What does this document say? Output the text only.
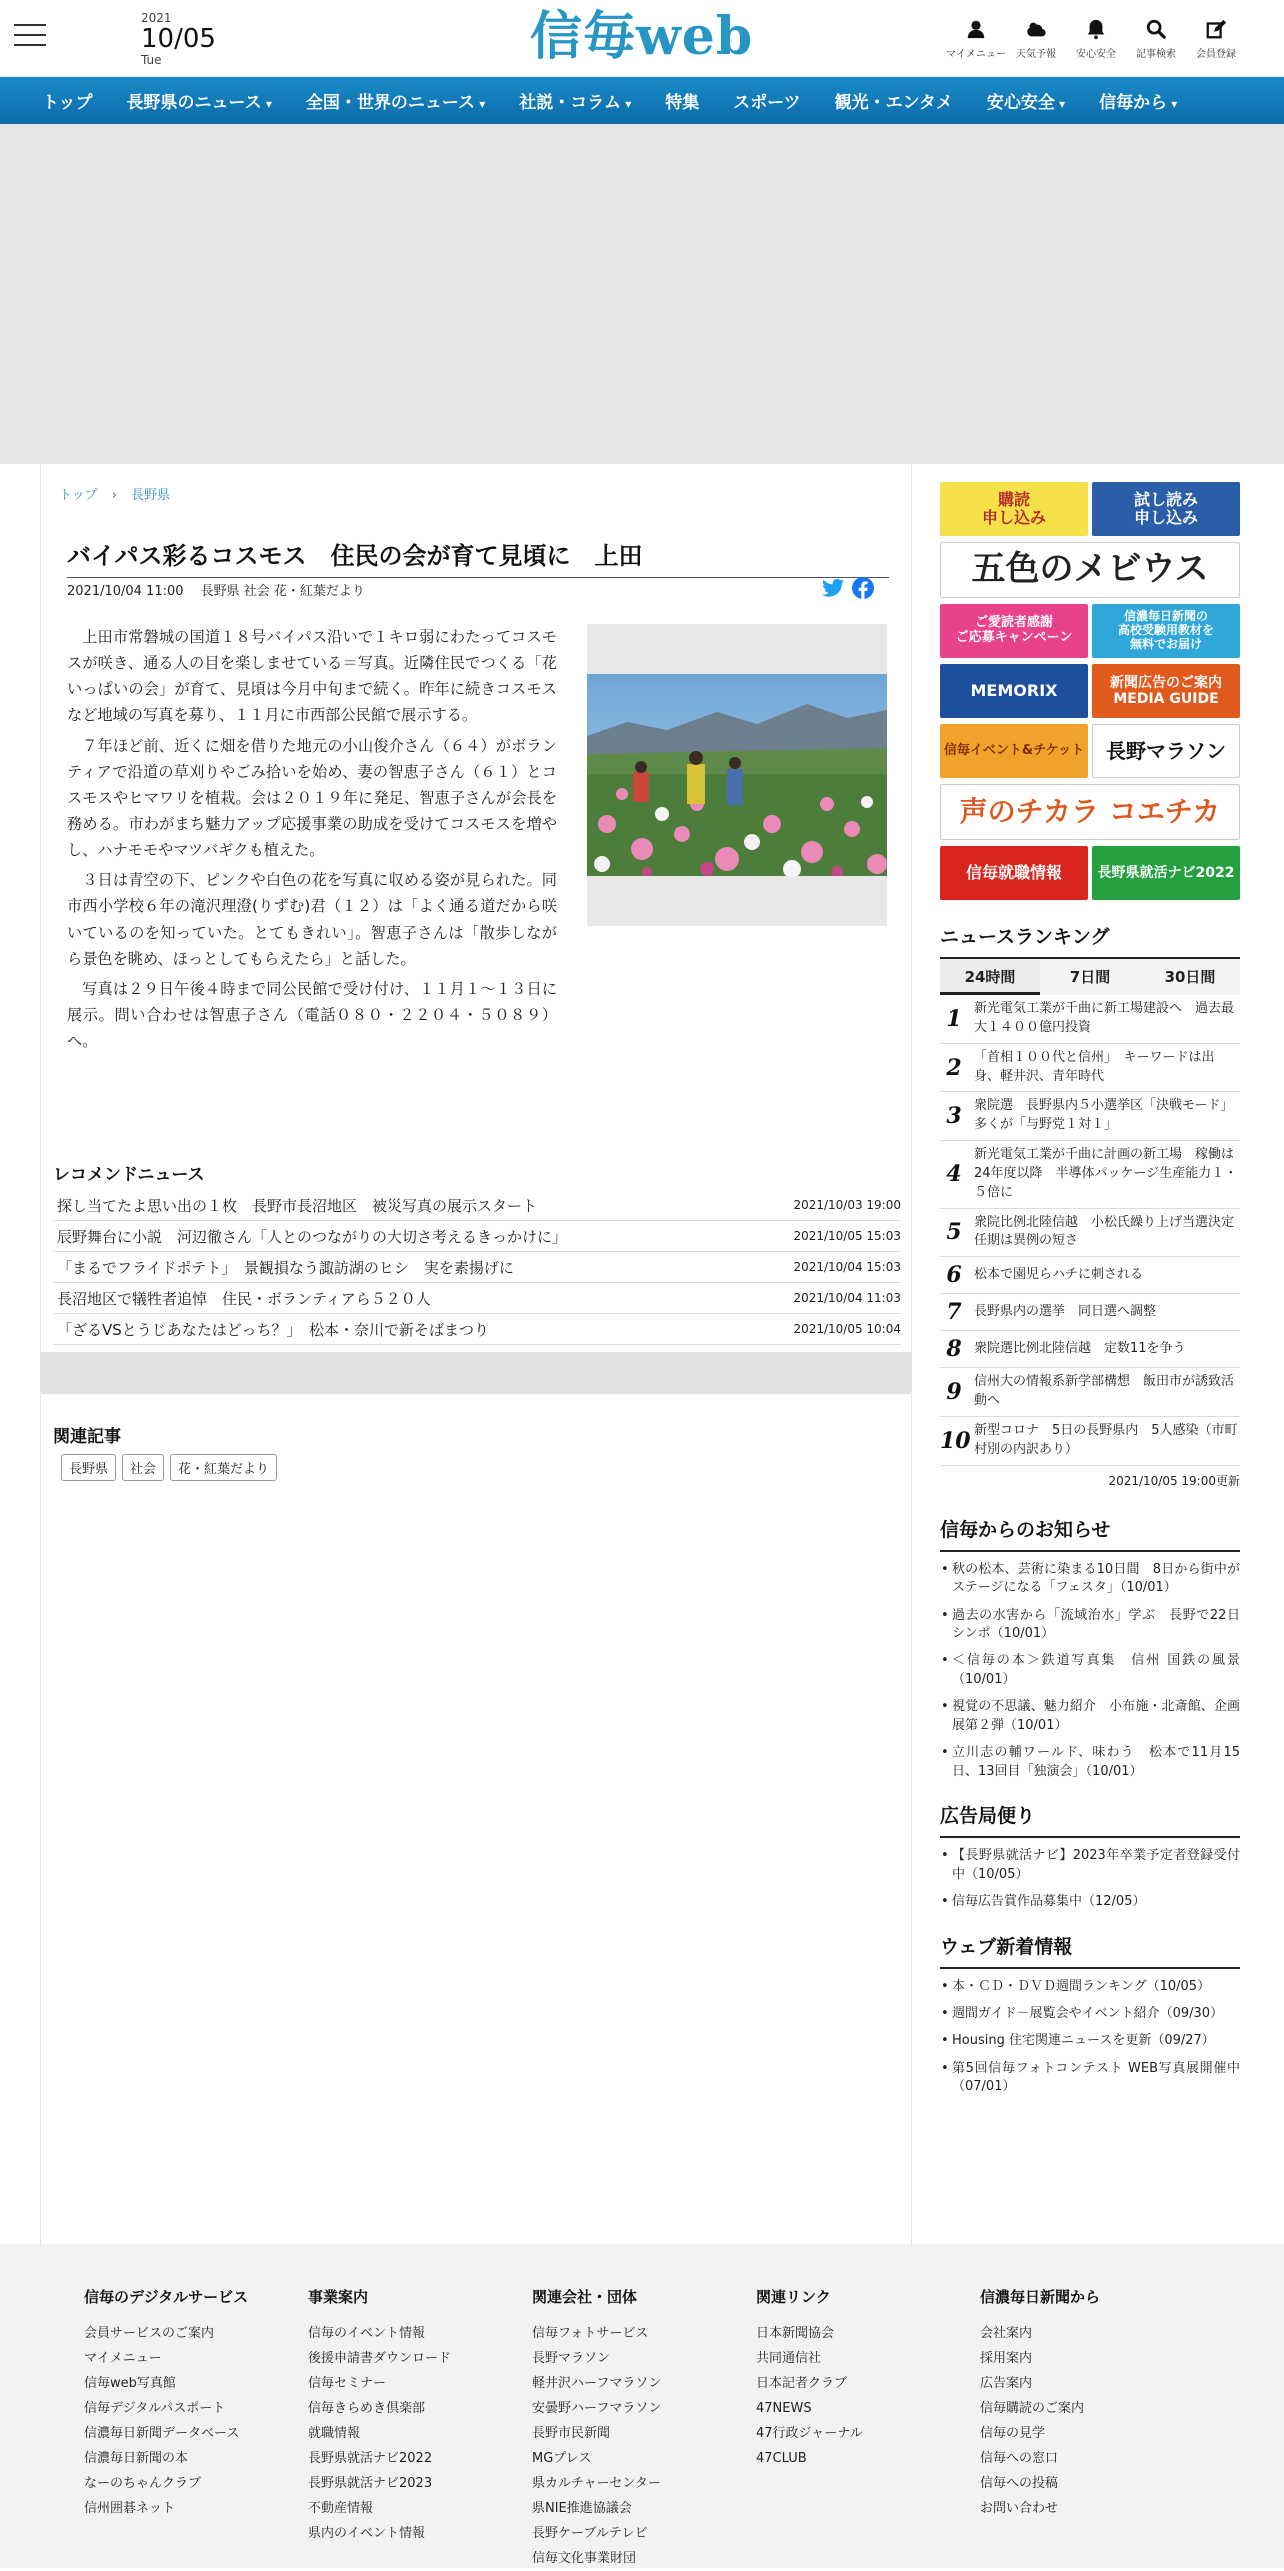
2021
10/05
Tue	信毎web	マイメニュー	天気予報	安心安全	記事検索	会員登録
トップ 長野県のニュース ▾	全国・世界のニュース ▾	社説・コラム ▾	特集 スポーツ 観光・エンタメ 安心安全 ▾	信毎から ▾
トップ › 長野県
バイパス彩るコスモス　住民の会が育て見頃に　上田
2021/10/04 11:00　 長野県 社会 花・紅葉だより

上田市常磐城の国道１８号バイパス沿いで１キロ弱にわたってコスモスが咲き、通る人の目を楽しませている＝写真。近隣住民でつくる「花いっぱいの会」が育て、見頃は今月中旬まで続く。昨年に続きコスモスなど地域の写真を募り、１１月に市西部公民館で展示する。

７年ほど前、近くに畑を借りた地元の小山俊介さん（６４）がボランティアで沿道の草刈りやごみ拾いを始め、妻の智恵子さん（６１）とコスモスやヒマワリを植栽。会は２０１９年に発足、智恵子さんが会長を務める。市わがまち魅力アップ応援事業の助成を受けてコスモスを増やし、ハナモモやマツバギクも植えた。

３日は青空の下、ピンクや白色の花を写真に収める姿が見られた。同市西小学校６年の滝沢理澄(りずむ)君（１２）は「よく通る道だから咲いているのを知っていた。とてもきれい」。智恵子さんは「散歩しながら景色を眺め、ほっとしてもらえたら」と話した。

写真は２９日午後４時まで同公民館で受け付け、１１月１～１３日に展示。問い合わせは智恵子さん（電話０８０・２２０４・５０８９）へ。

レコメンドニュース
探し当てたよ思い出の１枚　長野市長沼地区　被災写真の展示スタート	2021/10/03 19:00
辰野舞台に小説　河辺徹さん「人とのつながりの大切さ考えるきっかけに」	2021/10/05 15:03
「まるでフライドポテト」　景観損なう諏訪湖のヒシ　実を素揚げに	2021/10/04 15:03
長沼地区で犠牲者追悼　住民・ボランティアら５２０人	2021/10/04 11:03
「ざるVSとうじあなたはどっち？」　松本・奈川で新そばまつり	2021/10/05 10:04
関連記事
長野県	社会	花・紅葉だより
購読
申し込み
試し読み
申し込み
五色のメビウス
ご愛読者感謝
ご応募キャンペーン
信濃毎日新聞の
高校受験用教材を
無料でお届け
MEMORIX	新聞広告のご案内
MEDIA GUIDE
信毎イベント&チケット 長野マラソン
声のチカラ コエチカ
信毎就職情報	長野県就活ナビ2022
ニュースランキング
24時間	7日間	30日間
1 新光電気工業が千曲に新工場建設へ　過去最大１４００億円投資
2 「首相１００代と信州」　キーワードは出身、軽井沢、青年時代
3 衆院選　長野県内５小選挙区「決戦モード」　多くが「与野党１対１」
4
新光電気工業が千曲に計画の新工場　稼働は24年度以降　半導体パッケージ生産能力１・５倍に
5 衆院比例北陸信越　小松氏繰り上げ当選決定　任期は異例の短さ
6 松本で園児らハチに刺される
7 長野県内の選挙　同日選へ調整
8 衆院選比例北陸信越　定数11を争う
9 信州大の情報系新学部構想　飯田市が誘致活動へ
10 新型コロナ　5日の長野県内　5人感染（市町村別の内訳あり）
2021/10/05 19:00更新
信毎からのお知らせ
• 秋の松本、芸術に染まる10日間　8日から街中がステージになる「フェスタ」（10/01）
• 過去の水害から「流域治水」学ぶ　長野で22日シンポ（10/01）
• ＜信毎の本＞鉄道写真集　信州 国鉄の風景（10/01）
• 視覚の不思議、魅力紹介　小布施・北斎館、企画展第２弾（10/01）
• 立川志の輔ワールド、味わう　松本で11月15日、13回目「独演会」（10/01）
広告局便り
• 【長野県就活ナビ】2023年卒業予定者登録受付中（10/05）
• 信毎広告賞作品募集中（12/05）
ウェブ新着情報
• 本・ＣＤ・ＤＶＤ週間ランキング（10/05）
• 週間ガイド－展覧会やイベント紹介（09/30）
• Housing 住宅関連ニュースを更新（09/27）
• 第5回信毎フォトコンテスト WEB写真展開催中（07/01）
信毎のデジタルサービス
会員サービスのご案内
マイメニュー
信毎web写真館
信毎デジタルパスポート
信濃毎日新聞データベース
信濃毎日新聞の本
なーのちゃんクラブ
信州囲碁ネット
事業案内
信毎のイベント情報
後援申請書ダウンロード
信毎セミナー
信毎きらめき倶楽部
就職情報
長野県就活ナビ2022
長野県就活ナビ2023
不動産情報
県内のイベント情報
関連会社・団体
信毎フォトサービス
長野マラソン
軽井沢ハーフマラソン
安曇野ハーフマラソン
長野市民新聞
MGプレス
県カルチャーセンター
県NIE推進協議会
長野ケーブルテレビ
信毎文化事業財団
関連リンク
日本新聞協会
共同通信社
日本記者クラブ
47NEWS
47行政ジャーナル
47CLUB
信濃毎日新聞から
会社案内
採用案内
広告案内
信毎購読のご案内
信毎の見学
信毎への窓口
信毎への投稿
お問い合わせ
